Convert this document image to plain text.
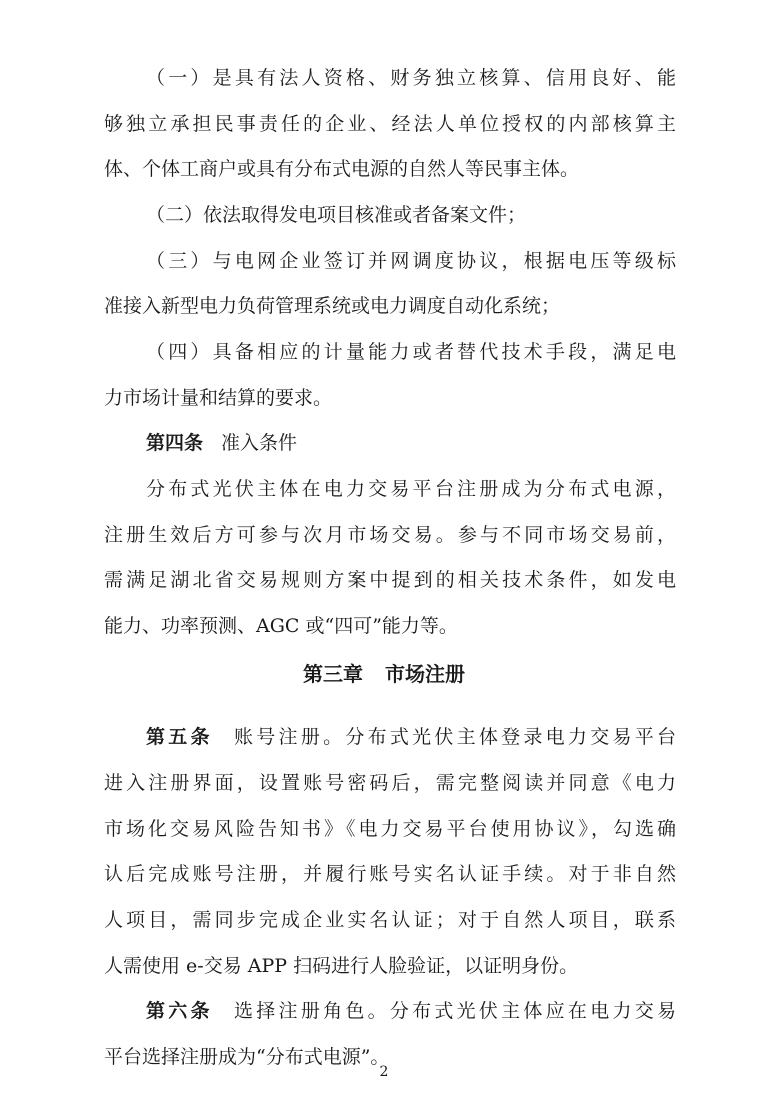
（一）是具有法人资格、财务独立核算、信用良好、能
够独立承担民事责任的企业、经法人单位授权的内部核算主
体、个体工商户或具有分布式电源的自然人等民事主体。
（二）依法取得发电项目核准或者备案文件；
（三）与电网企业签订并网调度协议，根据电压等级标
准接入新型电力负荷管理系统或电力调度自动化系统；
（四）具备相应的计量能力或者替代技术手段，满足电
力市场计量和结算的要求。
第四条 准入条件
分布式光伏主体在电力交易平台注册成为分布式电源，
注册生效后方可参与次月市场交易。参与不同市场交易前，
需满足湖北省交易规则方案中提到的相关技术条件，如发电
能力、功率预测、AGC 或“四可”能力等。
第三章 市场注册
第五条 账号注册。分布式光伏主体登录电力交易平台
进入注册界面，设置账号密码后，需完整阅读并同意《电力
市场化交易风险告知书》《电力交易平台使用协议》，勾选确
认后完成账号注册，并履行账号实名认证手续。对于非自然
人项目，需同步完成企业实名认证；对于自然人项目，联系
人需使用 e-交易 APP 扫码进行人脸验证，以证明身份。
第六条 选择注册角色。分布式光伏主体应在电力交易
平台选择注册成为“分布式电源”。
2
